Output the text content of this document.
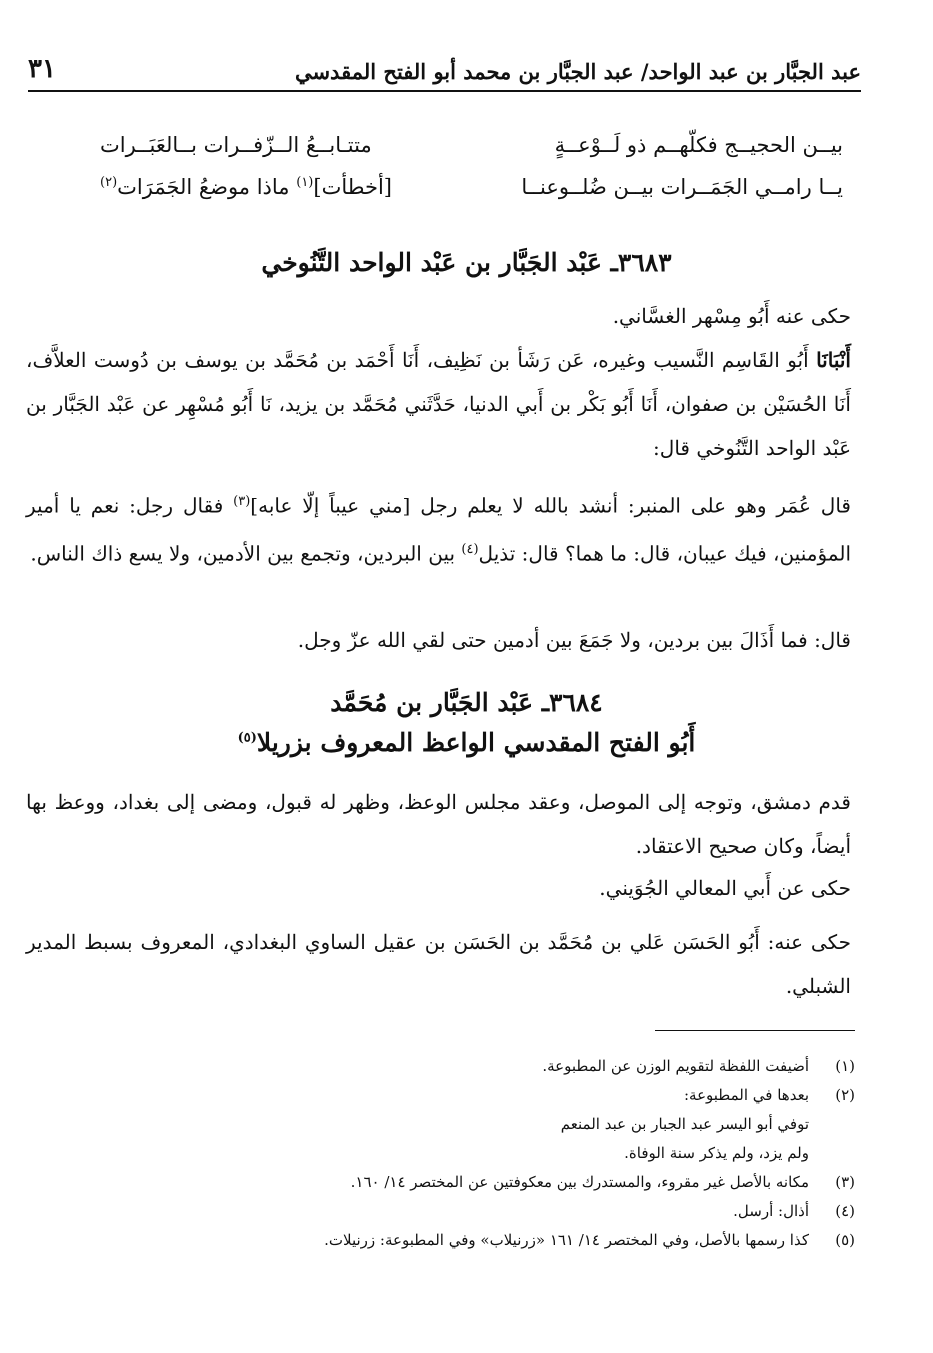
عبد الجبَّار بن عبد الواحد/ عبد الجبَّار بن محمد أبو الفتح المقدسي
٣١
بيــن الحجيــج فكلّهــم ذو لَــوْعــةٍ
متتـابــعُ الــزّفــرات بــالعَبَــرات
يــا رامــي الجَمَــرات بيــن ضُلــوعنــا
[أخطأت]$^{(١)}$ ماذا موضعُ الجَمَرَات$^{(٢)}$
٣٦٨٣ـ عَبْد الجَبَّار بن عَبْد الواحد التَّنُوخي
حكى عنه أَبُو مِسْهر الغسَّاني.
أَنْبَانَا أَبُو القَاسِم النَّسيب وغيره، عَن رَشَأ بن نَظِيف، أَنَا أَحْمَد بن مُحَمَّد بن يوسف بن دُوست العلاَّف، أَنَا الحُسَيْن بن صفوان، أَنَا أَبُو بَكْر بن أَبي الدنيا، حَدَّثَني مُحَمَّد بن يزيد، نَا أَبُو مُسْهِر عن عَبْد الجَبَّار بن عَبْد الواحد التَّنُوخي قال:
قال عُمَر وهو على المنبر: أنشد بالله لا يعلم رجل [مني عيباً إلّا عابه]$^{(٣)}$ فقال رجل: نعم يا أمير المؤمنين، فيك عيبان، قال: ما هما؟ قال: تذيل$^{(٤)}$ بين البردين، وتجمع بين الأدمين، ولا يسع ذاك الناس.
قال: فما أَذَالَ بين بردين، ولا جَمَعَ بين أدمين حتى لقي الله عزّ وجل.
٣٦٨٤ـ عَبْد الجَبَّار بن مُحَمَّد
أَبُو الفتح المقدسي الواعظ المعروف بزريلا$^{(٥)}$
قدم دمشق، وتوجه إلى الموصل، وعقد مجلس الوعظ، وظهر له قبول، ومضى إلى بغداد، ووعظ بها أيضاً، وكان صحيح الاعتقاد.
حكى عن أَبي المعالي الجُوَيني.
حكى عنه: أَبُو الحَسَن عَلي بن مُحَمَّد بن الحَسَن بن عقيل الساوي البغدادي، المعروف بسبط المدير الشبلي.
(١)
أضيفت اللفظة لتقويم الوزن عن المطبوعة.
(٢)
بعدها في المطبوعة:
توفي أبو اليسر عبد الجبار بن عبد المنعم
ولم يزد، ولم يذكر سنة الوفاة.
(٣)
مكانه بالأصل غير مقروء، والمستدرك بين معكوفتين عن المختصر ١٤/ ١٦٠.
(٤)
أذال: أرسل.
(٥)
كذا رسمها بالأصل، وفي المختصر ١٤/ ١٦١ «زرنيلاب» وفي المطبوعة: زرنيلات.
